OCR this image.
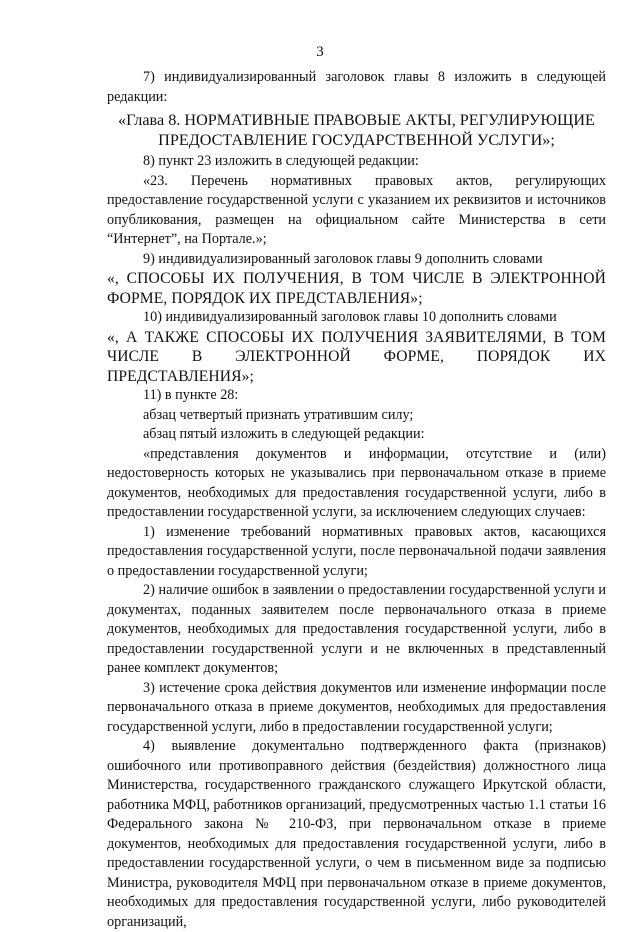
3

7) индивидуализированный заголовок главы 8 изложить в следующей редакции:

«Глава 8. НОРМАТИВНЫЕ ПРАВОВЫЕ АКТЫ, РЕГУЛИРУЮЩИЕ ПРЕДОСТАВЛЕНИЕ ГОСУДАРСТВЕННОЙ УСЛУГИ»;

8) пункт 23 изложить в следующей редакции:

«23. Перечень нормативных правовых актов, регулирующих предоставление государственной услуги с указанием их реквизитов и источников опубликования, размещен на официальном сайте Министерства в сети “Интернет”, на Портале.»;

9) индивидуализированный заголовок главы 9 дополнить словами

«, СПОСОБЫ ИХ ПОЛУЧЕНИЯ, В ТОМ ЧИСЛЕ В ЭЛЕКТРОННОЙ ФОРМЕ, ПОРЯДОК ИХ ПРЕДСТАВЛЕНИЯ»;

10) индивидуализированный заголовок главы 10 дополнить словами

«, А ТАКЖЕ СПОСОБЫ ИХ ПОЛУЧЕНИЯ ЗАЯВИТЕЛЯМИ, В ТОМ ЧИСЛЕ В ЭЛЕКТРОННОЙ ФОРМЕ, ПОРЯДОК ИХ ПРЕДСТАВЛЕНИЯ»;

11) в пункте 28:

абзац четвертый признать утратившим силу;

абзац пятый изложить в следующей редакции:

«представления документов и информации, отсутствие и (или) недостоверность которых не указывались при первоначальном отказе в приеме документов, необходимых для предоставления государственной услуги, либо в предоставлении государственной услуги, за исключением следующих случаев:

1) изменение требований нормативных правовых актов, касающихся предоставления государственной услуги, после первоначальной подачи заявления о предоставлении государственной услуги;

2) наличие ошибок в заявлении о предоставлении государственной услуги и документах, поданных заявителем после первоначального отказа в приеме документов, необходимых для предоставления государственной услуги, либо в предоставлении государственной услуги и не включенных в представленный ранее комплект документов;

3) истечение срока действия документов или изменение информации после первоначального отказа в приеме документов, необходимых для предоставления государственной услуги, либо в предоставлении государственной услуги;

4) выявление документально подтвержденного факта (признаков) ошибочного или противоправного действия (бездействия) должностного лица Министерства, государственного гражданского служащего Иркутской области, работника МФЦ, работников организаций, предусмотренных частью 1.1 статьи 16 Федерального закона № 210-ФЗ, при первоначальном отказе в приеме документов, необходимых для предоставления государственной услуги, либо в предоставлении государственной услуги, о чем в письменном виде за подписью Министра, руководителя МФЦ при первоначальном отказе в приеме документов, необходимых для предоставления государственной услуги, либо руководителей организаций,
